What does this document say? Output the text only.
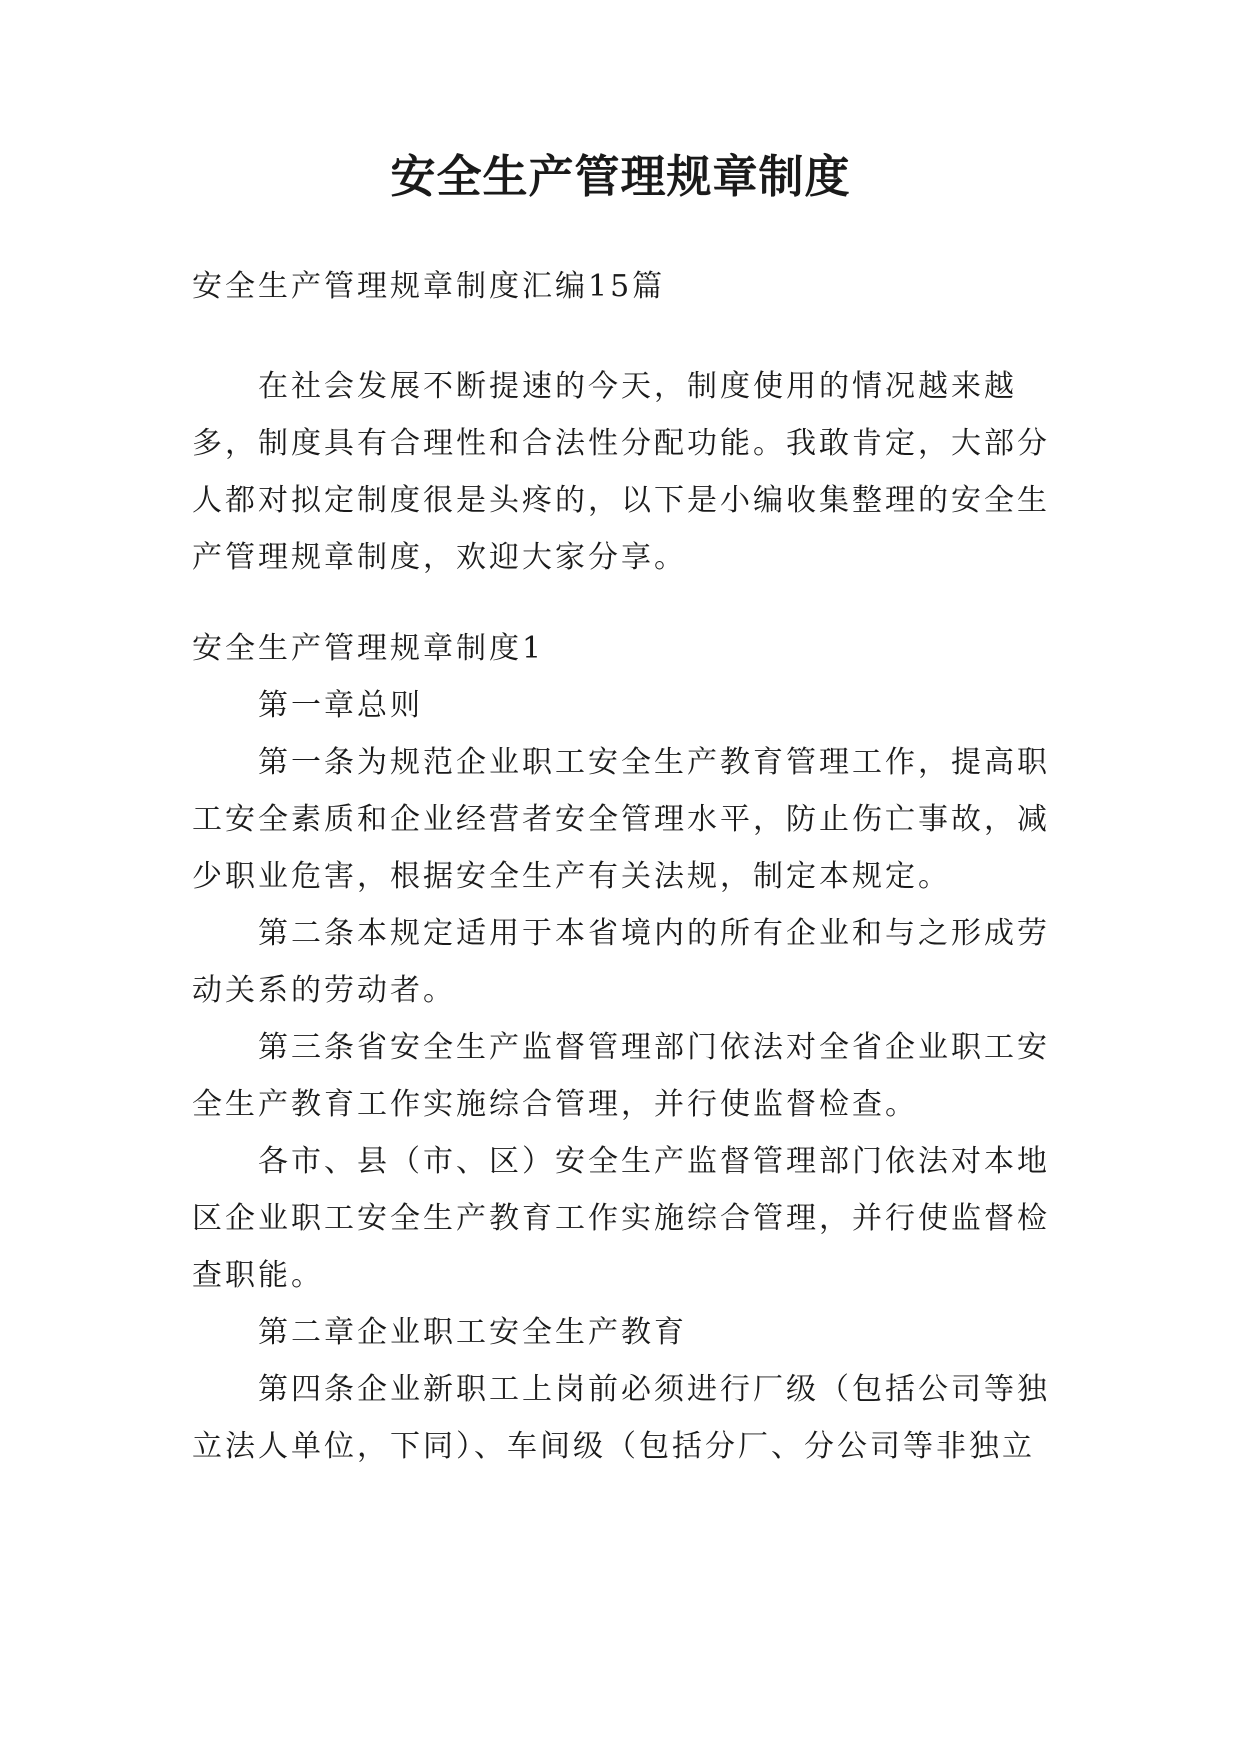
安全生产管理规章制度

安全生产管理规章制度汇编15篇

在社会发展不断提速的今天，制度使用的情况越来越多，制度具有合理性和合法性分配功能。我敢肯定，大部分人都对拟定制度很是头疼的，以下是小编收集整理的安全生产管理规章制度，欢迎大家分享。

安全生产管理规章制度1

第一章总则

第一条为规范企业职工安全生产教育管理工作，提高职工安全素质和企业经营者安全管理水平，防止伤亡事故，减少职业危害，根据安全生产有关法规，制定本规定。

第二条本规定适用于本省境内的所有企业和与之形成劳动关系的劳动者。

第三条省安全生产监督管理部门依法对全省企业职工安全生产教育工作实施综合管理，并行使监督检查。

各市、县（市、区）安全生产监督管理部门依法对本地区企业职工安全生产教育工作实施综合管理，并行使监督检查职能。

第二章企业职工安全生产教育

第四条企业新职工上岗前必须进行厂级（包括公司等独立法人单位，下同）、车间级（包括分厂、分公司等非独立
